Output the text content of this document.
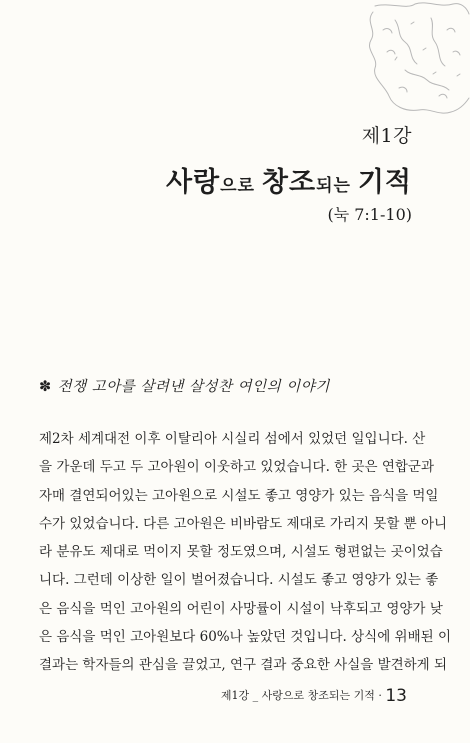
제1강
사랑으로 창조되는 기적
(눅 7:1-10)
✽ 전쟁 고아를 살려낸 살성찬 여인의 이야기
제2차 세계대전 이후 이탈리아 시실리 섬에서 있었던 일입니다. 산
을 가운데 두고 두 고아원이 이웃하고 있었습니다. 한 곳은 연합군과
자매 결연되어있는 고아원으로 시설도 좋고 영양가 있는 음식을 먹일
수가 있었습니다. 다른 고아원은 비바람도 제대로 가리지 못할 뿐 아니
라 분유도 제대로 먹이지 못할 정도였으며, 시설도 형편없는 곳이었습
니다. 그런데 이상한 일이 벌어졌습니다. 시설도 좋고 영양가 있는 좋
은 음식을 먹인 고아원의 어린이 사망률이 시설이 낙후되고 영양가 낮
은 음식을 먹인 고아원보다 60%나 높았던 것입니다. 상식에 위배된 이
결과는 학자들의 관심을 끌었고, 연구 결과 중요한 사실을 발견하게 되
제1강 _ 사랑으로 창조되는 기적 · 13
